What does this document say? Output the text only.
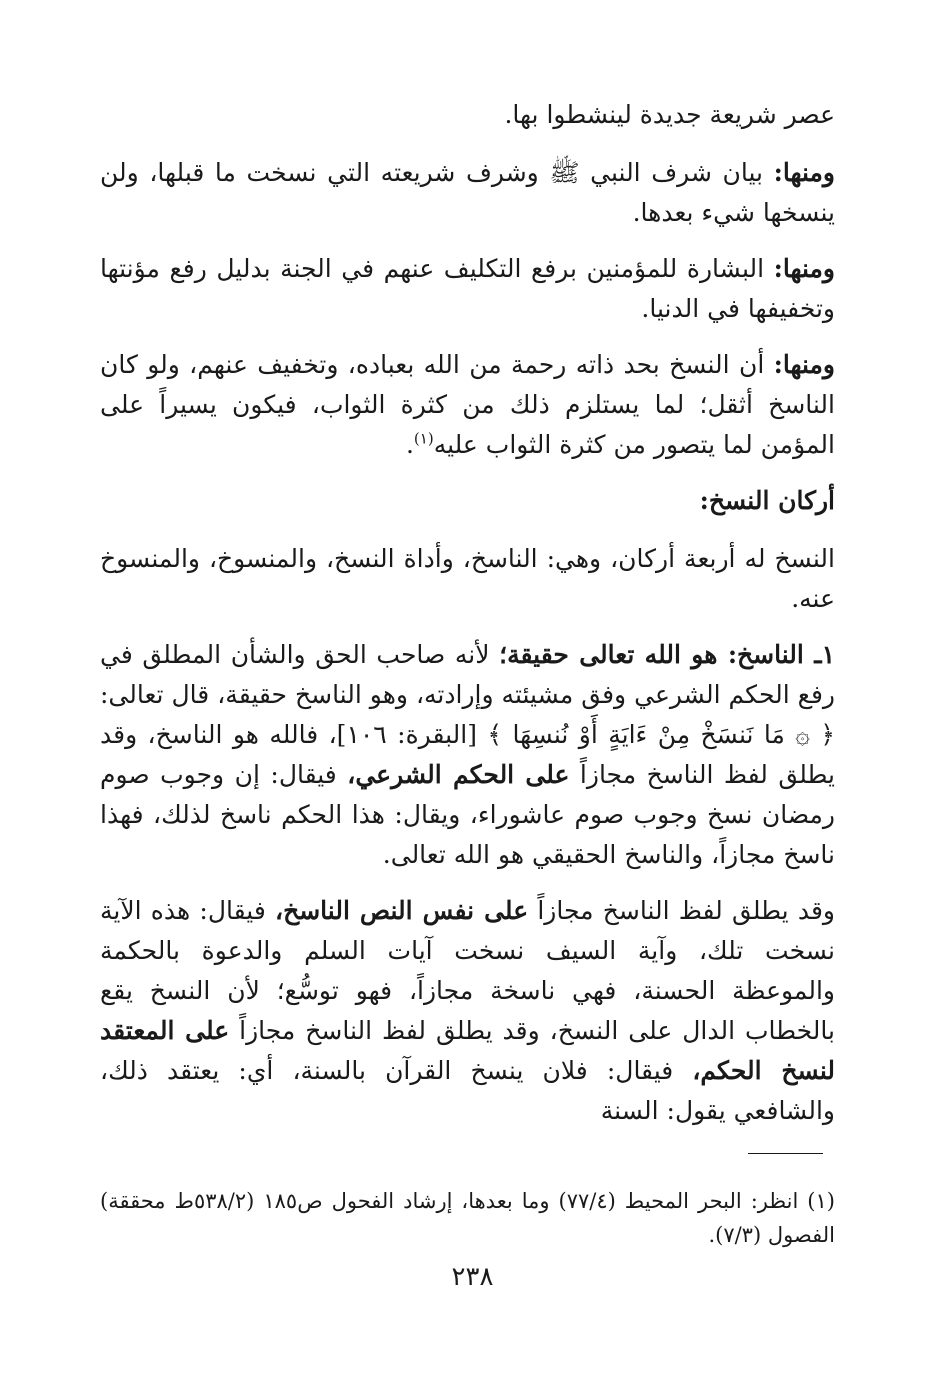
عصر شريعة جديدة لينشطوا بها.

ومنها: بيان شرف النبي ﷺ وشرف شريعته التي نسخت ما قبلها، ولن ينسخها شيء بعدها.

ومنها: البشارة للمؤمنين برفع التكليف عنهم في الجنة بدليل رفع مؤنتها وتخفيفها في الدنيا.

ومنها: أن النسخ بحد ذاته رحمة من الله بعباده، وتخفيف عنهم، ولو كان الناسخ أثقل؛ لما يستلزم ذلك من كثرة الثواب، فيكون يسيراً على المؤمن لما يتصور من كثرة الثواب عليه$^{(١)}$.

أركان النسخ:

النسخ له أربعة أركان، وهي: الناسخ، وأداة النسخ، والمنسوخ، والمنسوخ عنه.

١ـ الناسخ: هو الله تعالى حقيقة؛ لأنه صاحب الحق والشأن المطلق في رفع الحكم الشرعي وفق مشيئته وإرادته، وهو الناسخ حقيقة، قال تعالى: ﴿ ۞ مَا نَنسَخْ مِنْ ءَايَةٍ أَوْ نُنسِهَا ﴾ [البقرة: ١٠٦]، فالله هو الناسخ، وقد يطلق لفظ الناسخ مجازاً على الحكم الشرعي، فيقال: إن وجوب صوم رمضان نسخ وجوب صوم عاشوراء، ويقال: هذا الحكم ناسخ لذلك، فهذا ناسخ مجازاً، والناسخ الحقيقي هو الله تعالى.

وقد يطلق لفظ الناسخ مجازاً على نفس النص الناسخ، فيقال: هذه الآية نسخت تلك، وآية السيف نسخت آيات السلم والدعوة بالحكمة والموعظة الحسنة، فهي ناسخة مجازاً، فهو توسُّع؛ لأن النسخ يقع بالخطاب الدال على النسخ، وقد يطلق لفظ الناسخ مجازاً على المعتقد لنسخ الحكم، فيقال: فلان ينسخ القرآن بالسنة، أي: يعتقد ذلك، والشافعي يقول: السنة

(١) انظر: البحر المحيط (٧٧/٤) وما بعدها، إرشاد الفحول ص١٨٥ (٥٣٨/٢ط محققة) الفصول (٧/٣).

٢٣٨
